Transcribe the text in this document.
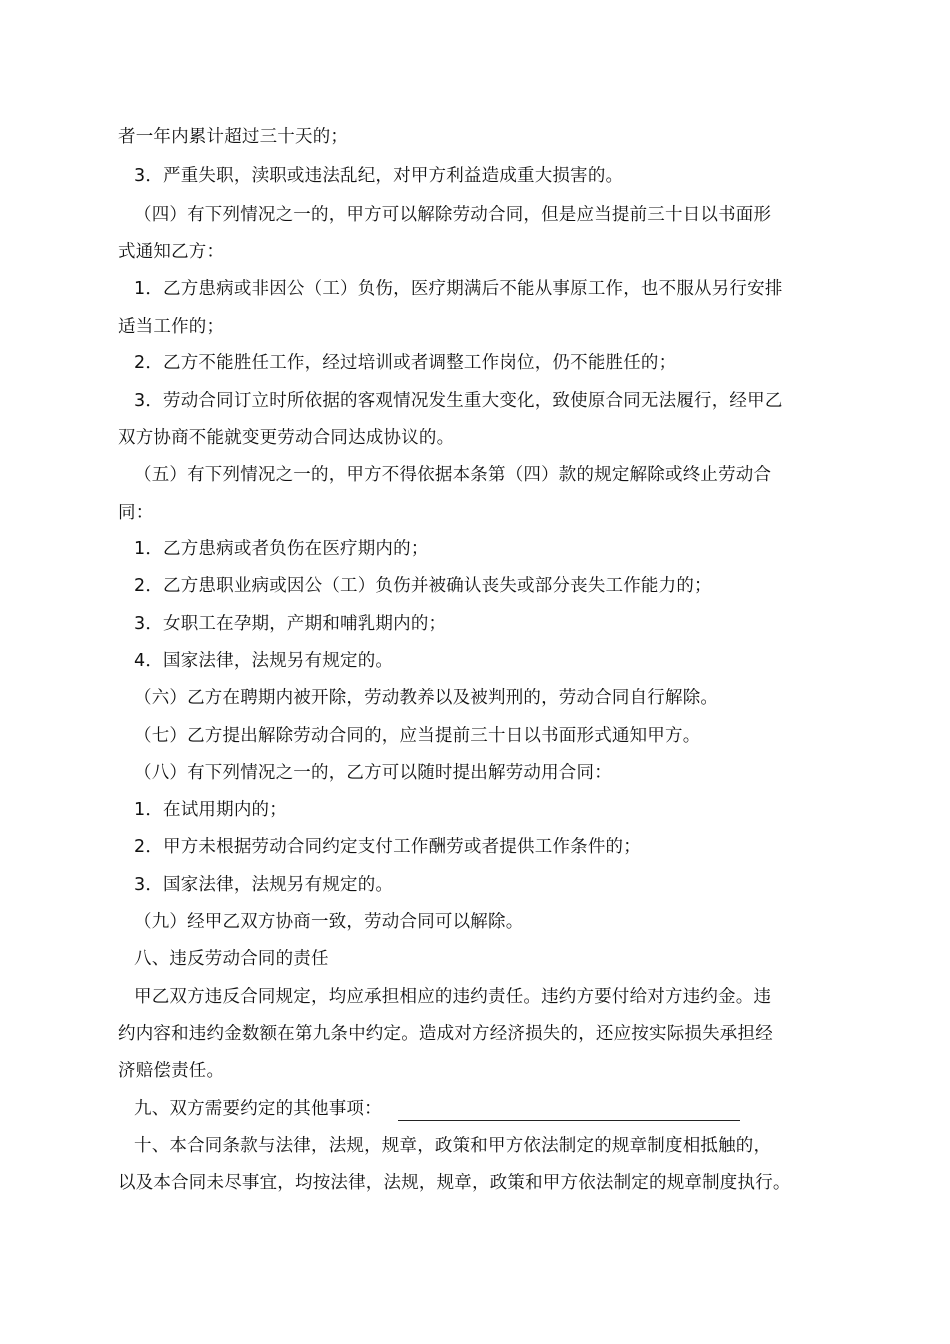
者一年内累计超过三十天的；
3．严重失职，渎职或违法乱纪，对甲方利益造成重大损害的。
（四）有下列情况之一的，甲方可以解除劳动合同，但是应当提前三十日以书面形
式通知乙方：
1．乙方患病或非因公（工）负伤，医疗期满后不能从事原工作，也不服从另行安排
适当工作的；
2．乙方不能胜任工作，经过培训或者调整工作岗位，仍不能胜任的；
3．劳动合同订立时所依据的客观情况发生重大变化，致使原合同无法履行，经甲乙
双方协商不能就变更劳动合同达成协议的。
（五）有下列情况之一的，甲方不得依据本条第（四）款的规定解除或终止劳动合
同：
1．乙方患病或者负伤在医疗期内的；
2．乙方患职业病或因公（工）负伤并被确认丧失或部分丧失工作能力的；
3．女职工在孕期，产期和哺乳期内的；
4．国家法律，法规另有规定的。
（六）乙方在聘期内被开除，劳动教养以及被判刑的，劳动合同自行解除。
（七）乙方提出解除劳动合同的，应当提前三十日以书面形式通知甲方。
（八）有下列情况之一的，乙方可以随时提出解劳动用合同：
1．在试用期内的；
2．甲方未根据劳动合同约定支付工作酬劳或者提供工作条件的；
3．国家法律，法规另有规定的。
（九）经甲乙双方协商一致，劳动合同可以解除。
八、违反劳动合同的责任
甲乙双方违反合同规定，均应承担相应的违约责任。违约方要付给对方违约金。违
约内容和违约金数额在第九条中约定。造成对方经济损失的，还应按实际损失承担经
济赔偿责任。
九、双方需要约定的其他事项：
十、本合同条款与法律，法规，规章，政策和甲方依法制定的规章制度相抵触的，
以及本合同未尽事宜，均按法律，法规，规章，政策和甲方依法制定的规章制度执行。
